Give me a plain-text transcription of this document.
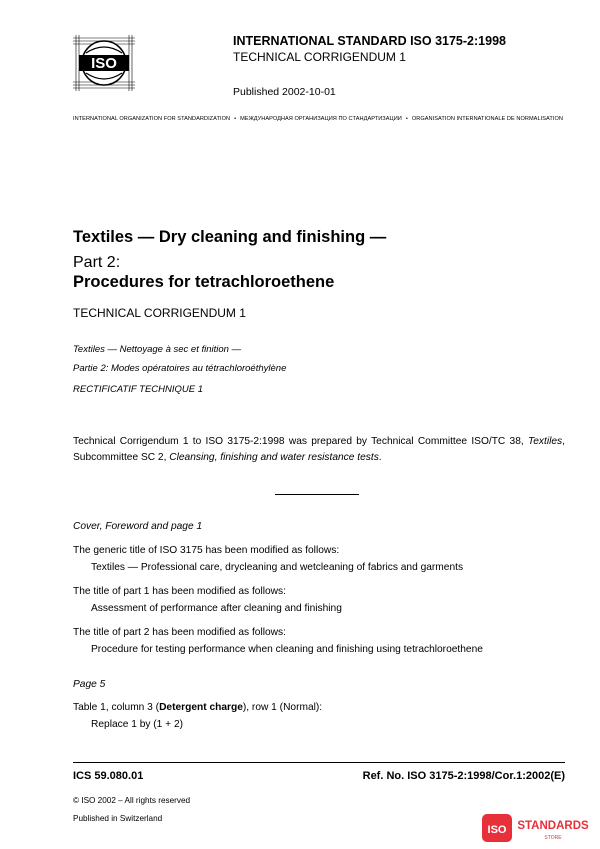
ISO
INTERNATIONAL STANDARD ISO 3175-2:1998
TECHNICAL CORRIGENDUM 1
Published 2002-10-01
INTERNATIONAL ORGANIZATION FOR STANDARDIZATION • МЕЖДУНАРОДНАЯ ОРГАНИЗАЦИЯ ПО СТАНДАРТИЗАЦИИ • ORGANISATION INTERNATIONALE DE NORMALISATION
Textiles — Dry cleaning and finishing —
Part 2:
Procedures for tetrachloroethene
TECHNICAL CORRIGENDUM 1
Textiles — Nettoyage à sec et finition —
Partie 2: Modes opératoires au tétrachloroéthylène
RECTIFICATIF TECHNIQUE 1
Technical Corrigendum 1 to ISO 3175-2:1998 was prepared by Technical Committee ISO/TC 38, Textiles, Subcommittee SC 2, Cleansing, finishing and water resistance tests.
Cover, Foreword and page 1
The generic title of ISO 3175 has been modified as follows:
Textiles — Professional care, drycleaning and wetcleaning of fabrics and garments
The title of part 1 has been modified as follows:
Assessment of performance after cleaning and finishing
The title of part 2 has been modified as follows:
Procedure for testing performance when cleaning and finishing using tetrachloroethene
Page 5
Table 1, column 3 (Detergent charge), row 1 (Normal):
Replace 1 by (1 + 2)
ICS 59.080.01	Ref. No. ISO 3175-2:1998/Cor.1:2002(E)
© ISO 2002 – All rights reserved
Published in Switzerland
ISO STANDARDS
STORE
